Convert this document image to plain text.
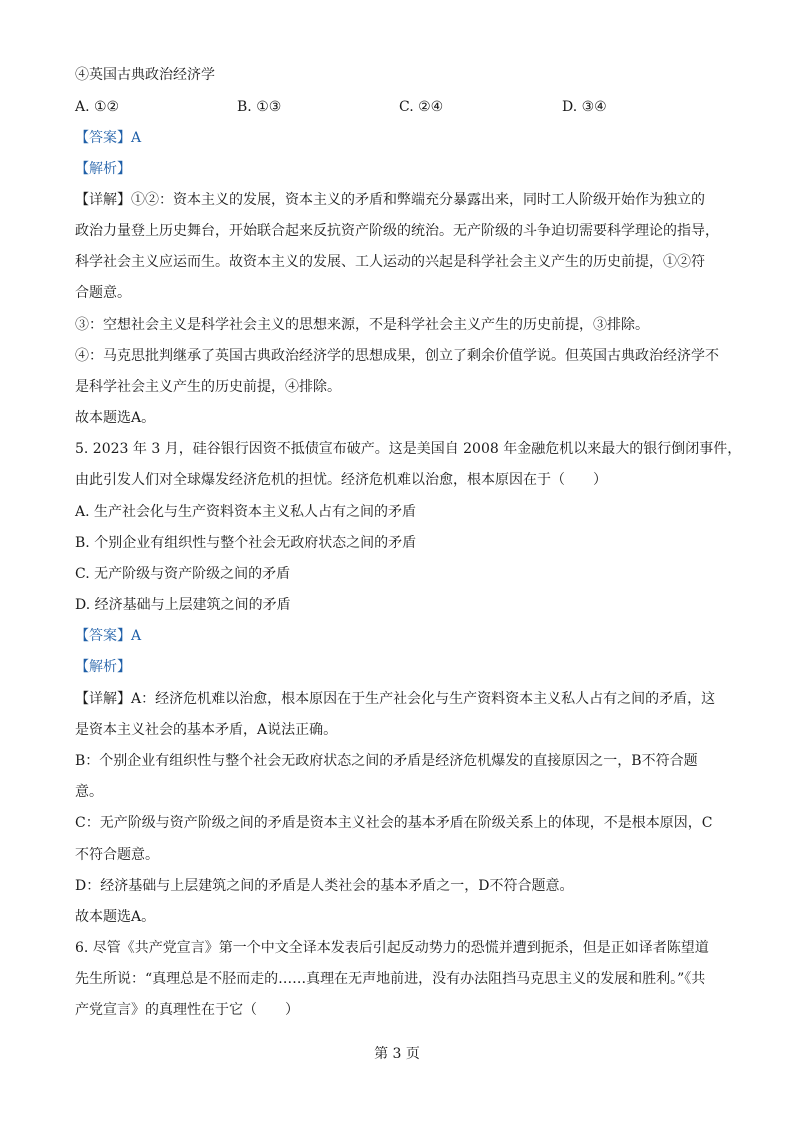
④英国古典政治经济学
A. ①②	B. ①③	C. ②④	D. ③④
【答案】A
【解析】
【详解】①②：资本主义的发展，资本主义的矛盾和弊端充分暴露出来，同时工人阶级开始作为独立的
政治力量登上历史舞台，开始联合起来反抗资产阶级的统治。无产阶级的斗争迫切需要科学理论的指导，
科学社会主义应运而生。故资本主义的发展、工人运动的兴起是科学社会主义产生的历史前提，①②符
合题意。
③：空想社会主义是科学社会主义的思想来源，不是科学社会主义产生的历史前提，③排除。
④：马克思批判继承了英国古典政治经济学的思想成果，创立了剩余价值学说。但英国古典政治经济学不
是科学社会主义产生的历史前提，④排除。
故本题选A。
5. 2023 年 3 月，硅谷银行因资不抵债宣布破产。这是美国自 2008 年金融危机以来最大的银行倒闭事件，
由此引发人们对全球爆发经济危机的担忧。经济危机难以治愈，根本原因在于（　　）
A. 生产社会化与生产资料资本主义私人占有之间的矛盾
B. 个别企业有组织性与整个社会无政府状态之间的矛盾
C. 无产阶级与资产阶级之间的矛盾
D. 经济基础与上层建筑之间的矛盾
【答案】A
【解析】
【详解】A：经济危机难以治愈，根本原因在于生产社会化与生产资料资本主义私人占有之间的矛盾，这
是资本主义社会的基本矛盾，A说法正确。
B：个别企业有组织性与整个社会无政府状态之间的矛盾是经济危机爆发的直接原因之一，B不符合题
意。
C：无产阶级与资产阶级之间的矛盾是资本主义社会的基本矛盾在阶级关系上的体现，不是根本原因，C
不符合题意。
D：经济基础与上层建筑之间的矛盾是人类社会的基本矛盾之一，D不符合题意。
故本题选A。
6. 尽管《共产党宣言》第一个中文全译本发表后引起反动势力的恐慌并遭到扼杀，但是正如译者陈望道
先生所说：“真理总是不胫而走的……真理在无声地前进，没有办法阻挡马克思主义的发展和胜利。”《共
产党宣言》的真理性在于它（　　）
第 3 页
